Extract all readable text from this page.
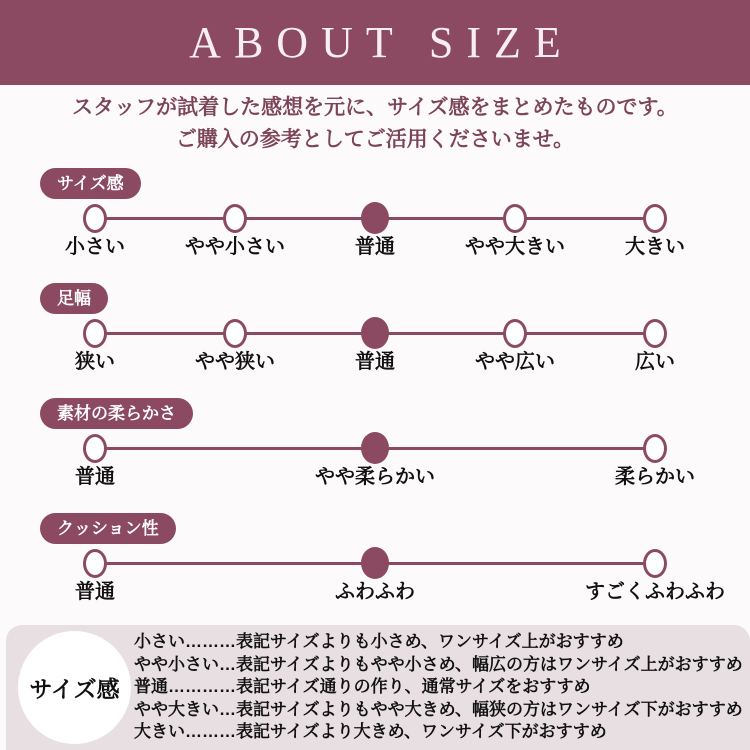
ABOUT SIZE
スタッフが試着した感想を元に、サイズ感をまとめたものです。
ご購入の参考としてご活用くださいませ。
サイズ感
小さい	やや小さい	普通	やや大きい	大きい
足幅
狭い	やや狭い	普通	やや広い	広い
素材の柔らかさ
普通	やや柔らかい	柔らかい
クッション性
普通	ふわふわ	すごくふわふわ
サイズ感
小さい………表記サイズよりも小さめ、ワンサイズ上がおすすめ
やや小さい…表記サイズよりもやや小さめ、幅広の方はワンサイズ上がおすすめ
普通…………表記サイズ通りの作り、通常サイズをおすすめ
やや大きい…表記サイズよりもやや大きめ、幅狭の方はワンサイズ下がおすすめ
大きい………表記サイズより大きめ、ワンサイズ下がおすすめ
